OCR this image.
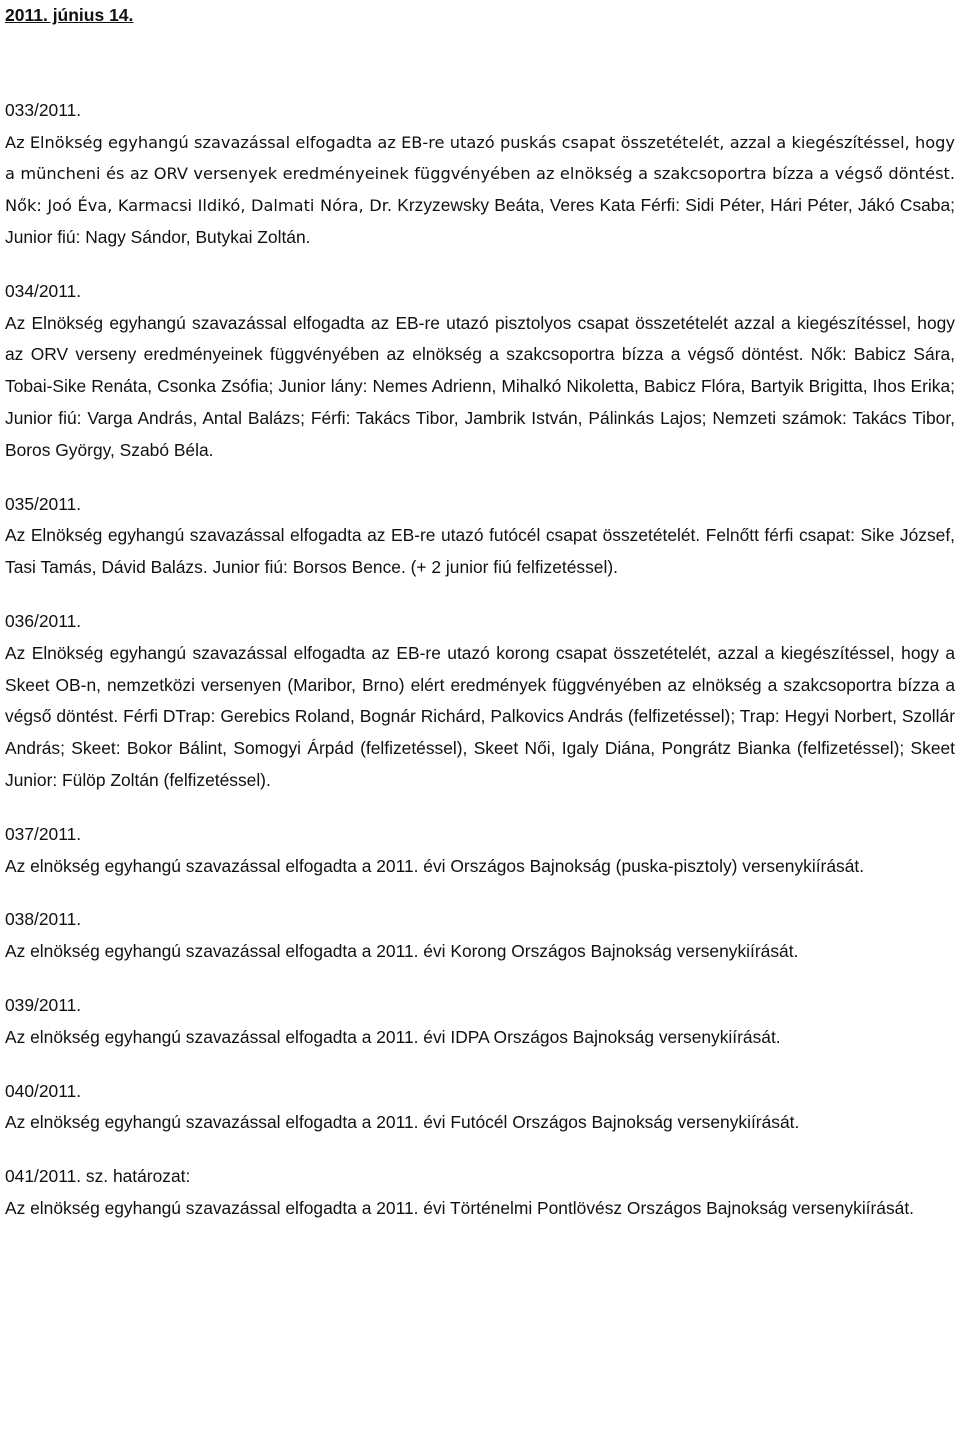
2011. június 14.
033/2011.
Az Elnökség egyhangú szavazással elfogadta az EB-re utazó puskás csapat összetételét, azzal a kiegészítéssel, hogy a müncheni és az ORV versenyek eredményeinek függvényében az elnökség a szakcsoportra bízza a végső döntést. Nők: Joó Éva, Karmacsi Ildikó, Dalmati Nóra, Dr. Krzyzewsky Beáta, Veres Kata Férfi: Sidi Péter, Hári Péter, Jákó Csaba; Junior fiú: Nagy Sándor, Butykai Zoltán.
034/2011.
Az Elnökség egyhangú szavazással elfogadta az EB-re utazó pisztolyos csapat összetételét azzal a kiegészítéssel, hogy az ORV verseny eredményeinek függvényében az elnökség a szakcsoportra bízza a végső döntést. Nők: Babicz Sára, Tobai-Sike Renáta, Csonka Zsófia; Junior lány: Nemes Adrienn, Mihalkó Nikoletta, Babicz Flóra, Bartyik Brigitta, Ihos Erika; Junior fiú: Varga András, Antal Balázs; Férfi: Takács Tibor, Jambrik István, Pálinkás Lajos; Nemzeti számok: Takács Tibor, Boros György, Szabó Béla.
035/2011.
Az Elnökség egyhangú szavazással elfogadta az EB-re utazó futócél csapat összetételét. Felnőtt férfi csapat: Sike József, Tasi Tamás, Dávid Balázs. Junior fiú: Borsos Bence. (+ 2 junior fiú felfizetéssel).
036/2011.
Az Elnökség egyhangú szavazással elfogadta az EB-re utazó korong csapat összetételét, azzal a kiegészítéssel, hogy a Skeet OB-n, nemzetközi versenyen (Maribor, Brno) elért eredmények függvényében az elnökség a szakcsoportra bízza a végső döntést. Férfi DTrap: Gerebics Roland, Bognár Richárd, Palkovics András (felfizetéssel); Trap: Hegyi Norbert, Szollár András; Skeet: Bokor Bálint, Somogyi Árpád (felfizetéssel), Skeet Női, Igaly Diána, Pongrátz Bianka (felfizetéssel); Skeet Junior: Fülöp Zoltán (felfizetéssel).
037/2011.
Az elnökség egyhangú szavazással elfogadta a 2011. évi Országos Bajnokság (puska-pisztoly) versenykiírását.
038/2011.
Az elnökség egyhangú szavazással elfogadta a 2011. évi Korong Országos Bajnokság versenykiírását.
039/2011.
Az elnökség egyhangú szavazással elfogadta a 2011. évi IDPA Országos Bajnokság versenykiírását.
040/2011.
Az elnökség egyhangú szavazással elfogadta a 2011. évi Futócél Országos Bajnokság versenykiírását.
041/2011. sz. határozat:
Az elnökség egyhangú szavazással elfogadta a 2011. évi Történelmi Pontlövész Országos Bajnokság versenykiírását.
